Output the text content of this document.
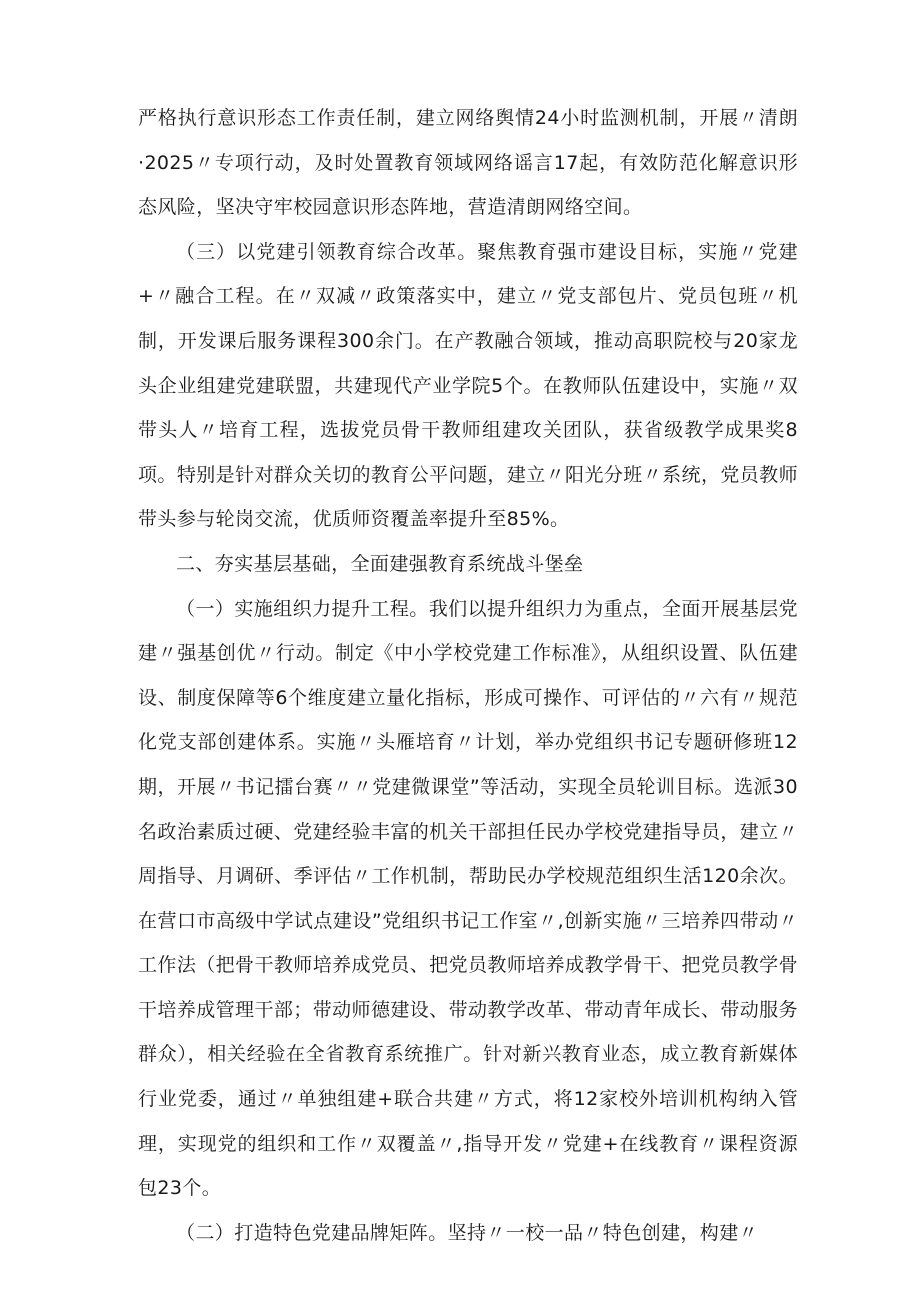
严格执行意识形态工作责任制，建立网络舆情24小时监测机制，开展〃清朗·2025〃专项行动，及时处置教育领域网络谣言17起，有效防范化解意识形态风险，坚决守牢校园意识形态阵地，营造清朗网络空间。

（三）以党建引领教育综合改革。聚焦教育强市建设目标，实施〃党建+〃融合工程。在〃双减〃政策落实中，建立〃党支部包片、党员包班〃机制，开发课后服务课程300余门。在产教融合领域，推动高职院校与20家龙头企业组建党建联盟，共建现代产业学院5个。在教师队伍建设中，实施〃双带头人〃培育工程，选拔党员骨干教师组建攻关团队，获省级教学成果奖8项。特别是针对群众关切的教育公平问题，建立〃阳光分班〃系统，党员教师带头参与轮岗交流，优质师资覆盖率提升至85%。

二、夯实基层基础，全面建强教育系统战斗堡垒

（一）实施组织力提升工程。我们以提升组织力为重点，全面开展基层党建〃强基创优〃行动。制定《中小学校党建工作标准》，从组织设置、队伍建设、制度保障等6个维度建立量化指标，形成可操作、可评估的〃六有〃规范化党支部创建体系。实施〃头雁培育〃计划，举办党组织书记专题研修班12期，开展〃书记擂台赛〃〃党建微课堂”等活动，实现全员轮训目标。选派30名政治素质过硬、党建经验丰富的机关干部担任民办学校党建指导员，建立〃周指导、月调研、季评估〃工作机制，帮助民办学校规范组织生活120余次。在营口市高级中学试点建设”党组织书记工作室〃,创新实施〃三培养四带动〃工作法（把骨干教师培养成党员、把党员教师培养成教学骨干、把党员教学骨干培养成管理干部；带动师德建设、带动教学改革、带动青年成长、带动服务群众），相关经验在全省教育系统推广。针对新兴教育业态，成立教育新媒体行业党委，通过〃单独组建+联合共建〃方式，将12家校外培训机构纳入管理，实现党的组织和工作〃双覆盖〃,指导开发〃党建+在线教育〃课程资源包23个。

（二）打造特色党建品牌矩阵。坚持〃一校一品〃特色创建，构建〃
